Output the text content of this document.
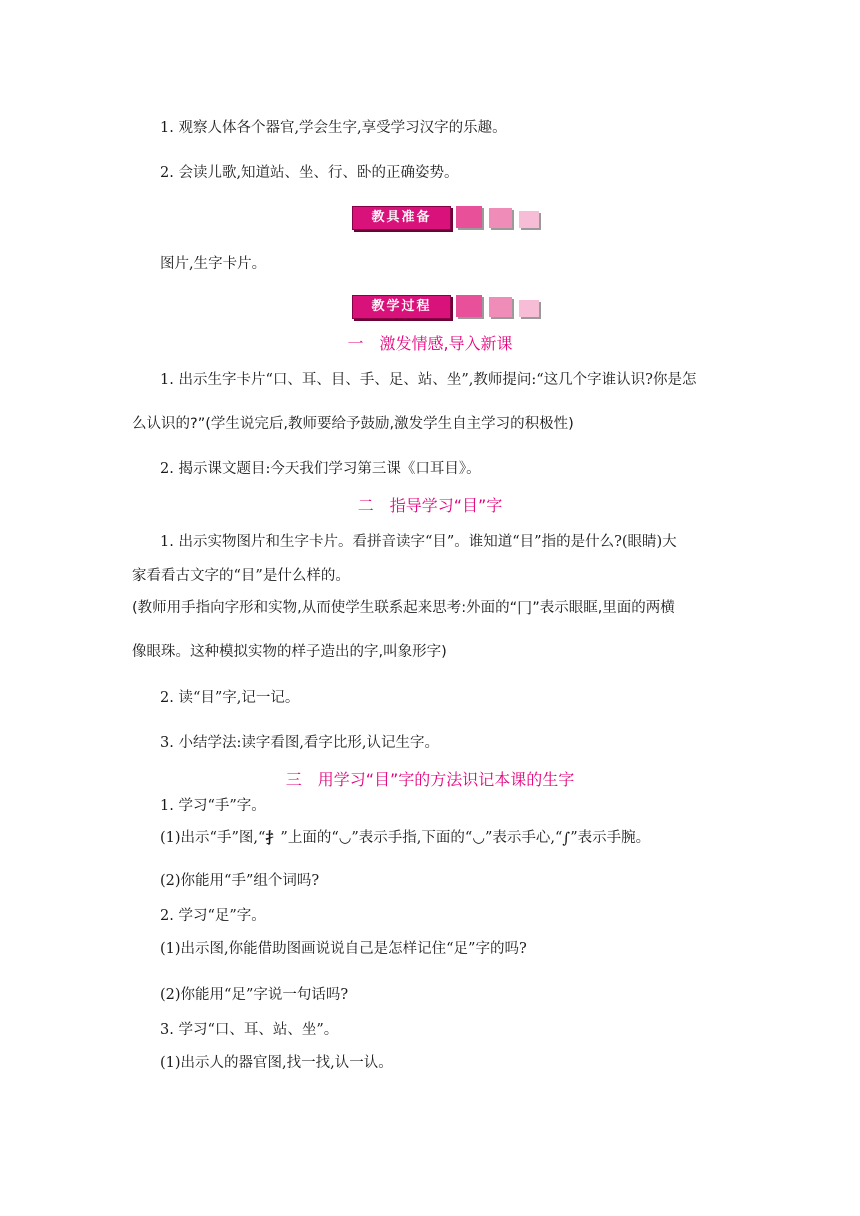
1. 观察人体各个器官,学会生字,享受学习汉字的乐趣。
2. 会读儿歌,知道站、坐、行、卧的正确姿势。
教具准备
图片,生字卡片。
教学过程
一　激发情感,导入新课
1. 出示生字卡片“口、耳、目、手、足、站、坐”,教师提问:“这几个字谁认识?你是怎
么认识的?”(学生说完后,教师要给予鼓励,激发学生自主学习的积极性)
2. 揭示课文题目:今天我们学习第三课《口耳目》。
二　指导学习“目”字
1. 出示实物图片和生字卡片。看拼音读字“目”。谁知道“目”指的是什么?(眼睛)大
家看看古文字的“目”是什么样的。
(教师用手指向字形和实物,从而使学生联系起来思考:外面的“冂”表示眼眶,里面的两横
像眼珠。这种模拟实物的样子造出的字,叫象形字)
2. 读“目”字,记一记。
3. 小结学法:读字看图,看字比形,认记生字。
三　用学习“目”字的方法识记本课的生字
1. 学习“手”字。
(1)出示“手”图,“扌”上面的“◡”表示手指,下面的“◡”表示手心,“∫”表示手腕。
(2)你能用“手”组个词吗?
2. 学习“足”字。
(1)出示图,你能借助图画说说自己是怎样记住“足”字的吗?
(2)你能用“足”字说一句话吗?
3. 学习“口、耳、站、坐”。
(1)出示人的器官图,找一找,认一认。
